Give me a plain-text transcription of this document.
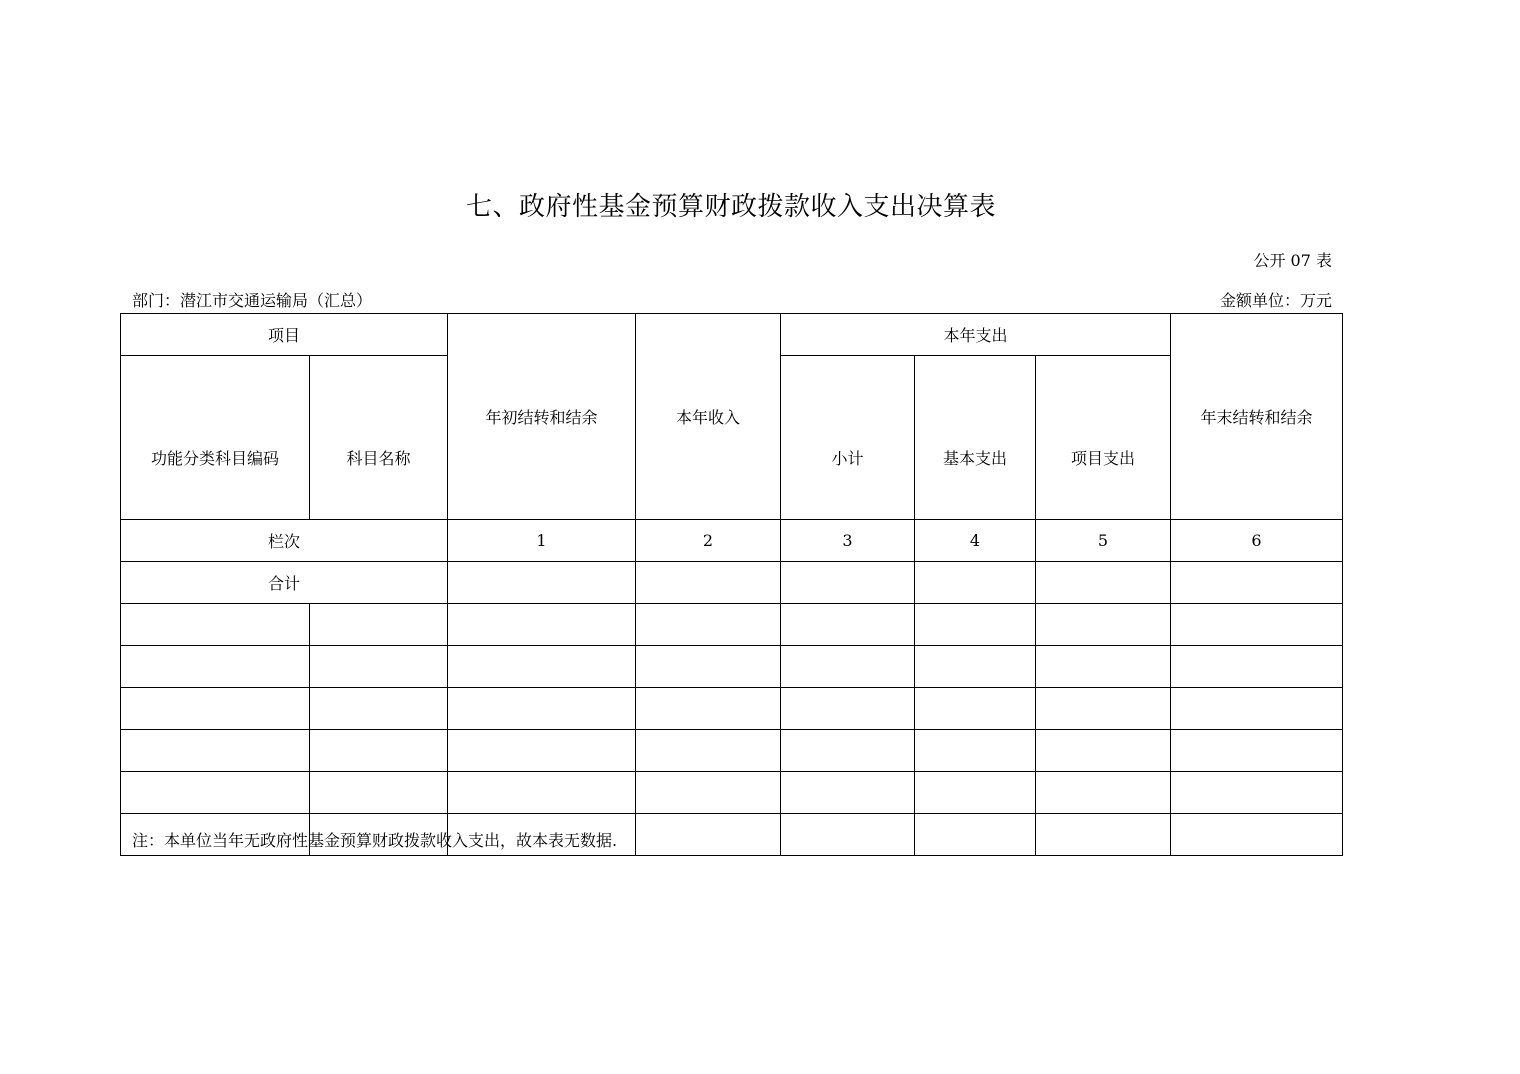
七、政府性基金预算财政拨款收入支出决算表
公开 07 表
部门：潜江市交通运输局（汇总）	金额单位：万元
项目		年初结转和结余	本年收入	本年支出			年末结转和结余
功能分类科目编码	科目名称			小计	基本支出	项目支出	
栏次		1	2	3	4	5	6
合计							

注：本单位当年无政府性基金预算财政拨款收入支出，故本表无数据.
